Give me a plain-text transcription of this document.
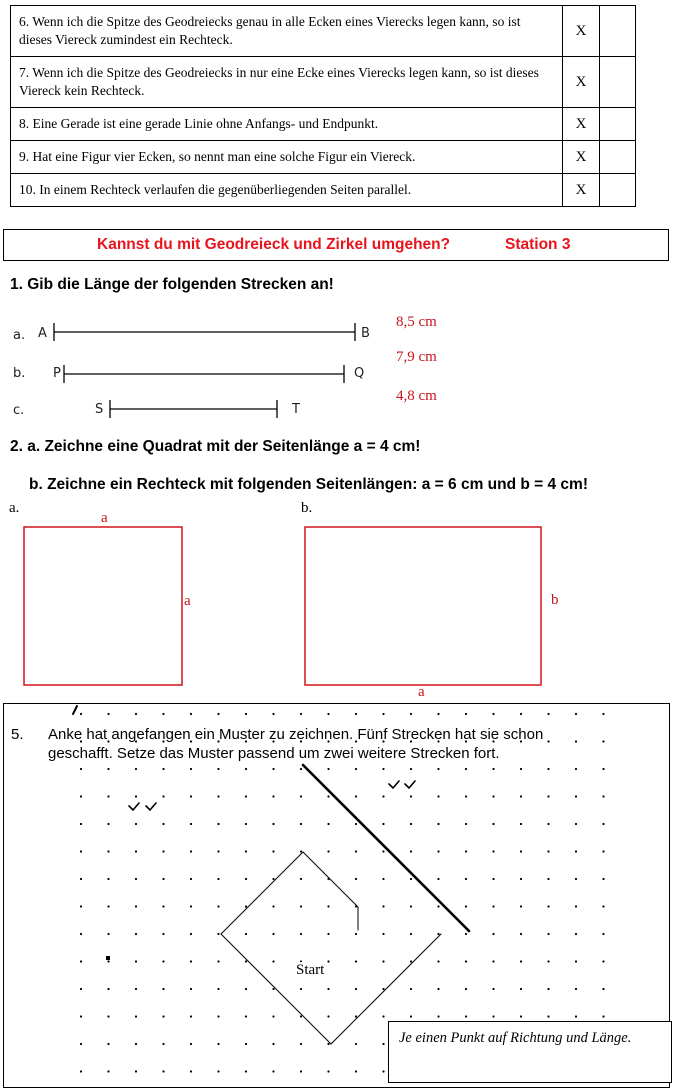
6. Wenn ich die Spitze des Geodreiecks genau in alle Ecken eines Vierecks legen kann, so ist dieses Viereck zumindest ein Rechteck.	X	
7. Wenn ich die Spitze des Geodreiecks in nur eine Ecke eines Vierecks legen kann, so ist dieses Viereck kein Rechteck.	X	
8. Eine Gerade ist eine gerade Linie ohne Anfangs- und Endpunkt.	X	
9. Hat eine Figur vier Ecken, so nennt man eine solche Figur ein Viereck.	X	
10. In einem Rechteck verlaufen die gegenüberliegenden Seiten parallel.	X	
Kannst du mit Geodreieck und Zirkel umgehen?	Station 3
1. Gib die Länge der folgenden Strecken an!
a. A	B
b. P	Q
c.	S	T
8,5 cm
7,9 cm
4,8 cm
2. a. Zeichne eine Quadrat mit der Seitenlänge a = 4 cm!
b. Zeichne ein Rechteck mit folgenden Seitenlängen: a = 6 cm und b = 4 cm!
a.	b.
a
a	b
a
5. Anke hat angefangen ein Muster zu zeichnen. Fünf Strecken hat sie schon geschafft. Setze das Muster passend um zwei weitere Strecken fort.
Start
Je einen Punkt auf Richtung und Länge.
